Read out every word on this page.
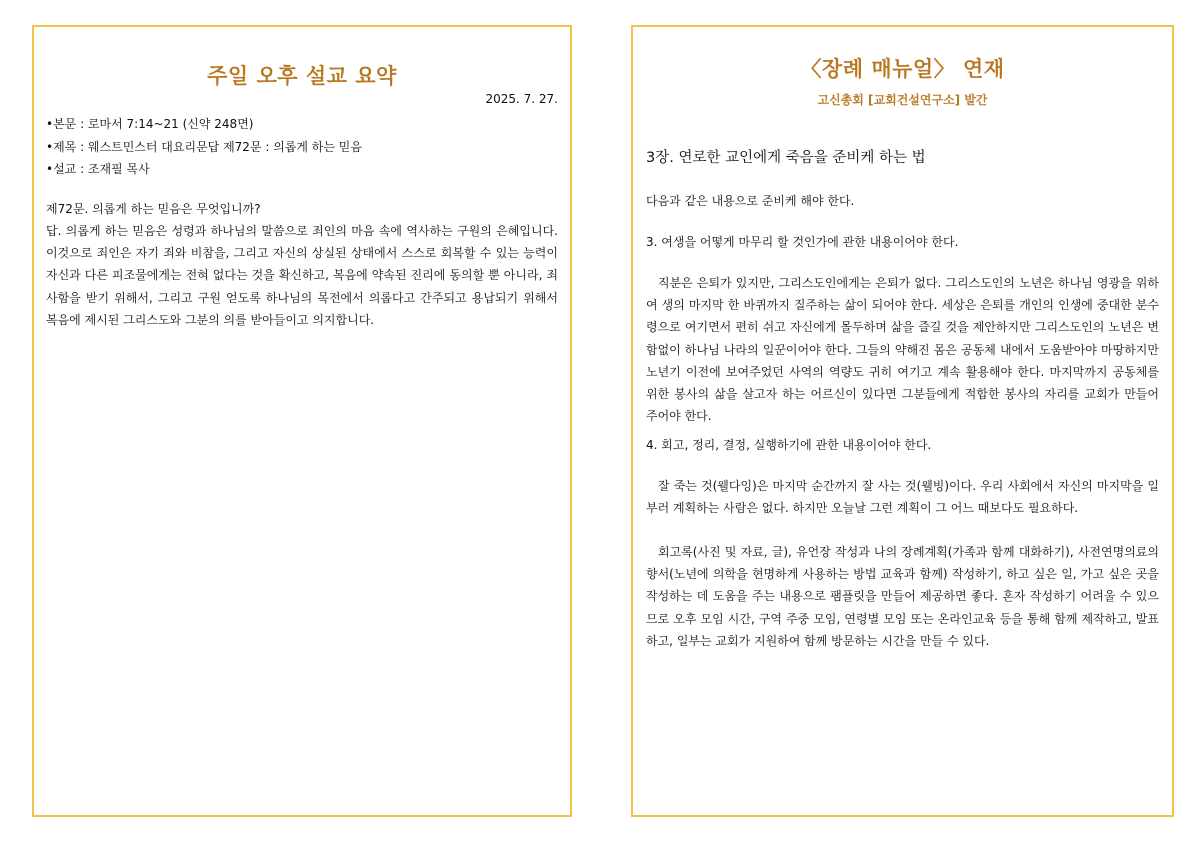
주일 오후 설교 요약
2025. 7. 27.
•본문 : 로마서 7:14~21 (신약 248면)
•제목 : 웨스트민스터 대요리문답 제72문 : 의롭게 하는 믿음
•설교 : 조재필 목사
제72문. 의롭게 하는 믿음은 무엇입니까?
답. 의롭게 하는 믿음은 성령과 하나님의 말씀으로 죄인의 마음 속에 역사하는 구원의 은혜입니다. 이것으로 죄인은 자기 죄와 비참을, 그리고 자신의 상실된 상태에서 스스로 회복할 수 있는 능력이 자신과 다른 피조물에게는 전혀 없다는 것을 확신하고, 복음에 약속된 진리에 동의할 뿐 아니라, 죄 사함을 받기 위해서, 그리고 구원 얻도록 하나님의 목전에서 의롭다고 간주되고 용납되기 위해서 복음에 제시된 그리스도와 그분의 의를 받아들이고 의지합니다.
〈장례 매뉴얼〉 연재
고신총회 [교회건설연구소] 발간
3장. 연로한 교인에게 죽음을 준비케 하는 법
다음과 같은 내용으로 준비케 해야 한다.
3. 여생을 어떻게 마무리 할 것인가에 관한 내용이어야 한다.
직분은 은퇴가 있지만, 그리스도인에게는 은퇴가 없다. 그리스도인의 노년은 하나님 영광을 위하여 생의 마지막 한 바퀴까지 질주하는 삶이 되어야 한다. 세상은 은퇴를 개인의 인생에 중대한 분수령으로 여기면서 편히 쉬고 자신에게 몰두하며 삶을 즐길 것을 제안하지만 그리스도인의 노년은 변함없이 하나님 나라의 일꾼이어야 한다. 그들의 약해진 몸은 공동체 내에서 도움받아야 마땅하지만 노년기 이전에 보여주었던 사역의 역량도 귀히 여기고 계속 활용해야 한다. 마지막까지 공동체를 위한 봉사의 삶을 살고자 하는 어르신이 있다면 그분들에게 적합한 봉사의 자리를 교회가 만들어 주어야 한다.
4. 회고, 정리, 결정, 실행하기에 관한 내용이어야 한다.
잘 죽는 것(웰다잉)은 마지막 순간까지 잘 사는 것(웰빙)이다. 우리 사회에서 자신의 마지막을 일부러 계획하는 사람은 없다. 하지만 오늘날 그런 계획이 그 어느 때보다도 필요하다.
회고록(사진 및 자료, 글), 유언장 작성과 나의 장례계획(가족과 함께 대화하기), 사전연명의료의향서(노년에 의학을 현명하게 사용하는 방법 교육과 함께) 작성하기, 하고 싶은 일, 가고 싶은 곳을 작성하는 데 도움을 주는 내용으로 팸플릿을 만들어 제공하면 좋다. 혼자 작성하기 어려울 수 있으므로 오후 모임 시간, 구역 주중 모임, 연령별 모임 또는 온라인교육 등을 통해 함께 제작하고, 발표하고, 일부는 교회가 지원하여 함께 방문하는 시간을 만들 수 있다.
